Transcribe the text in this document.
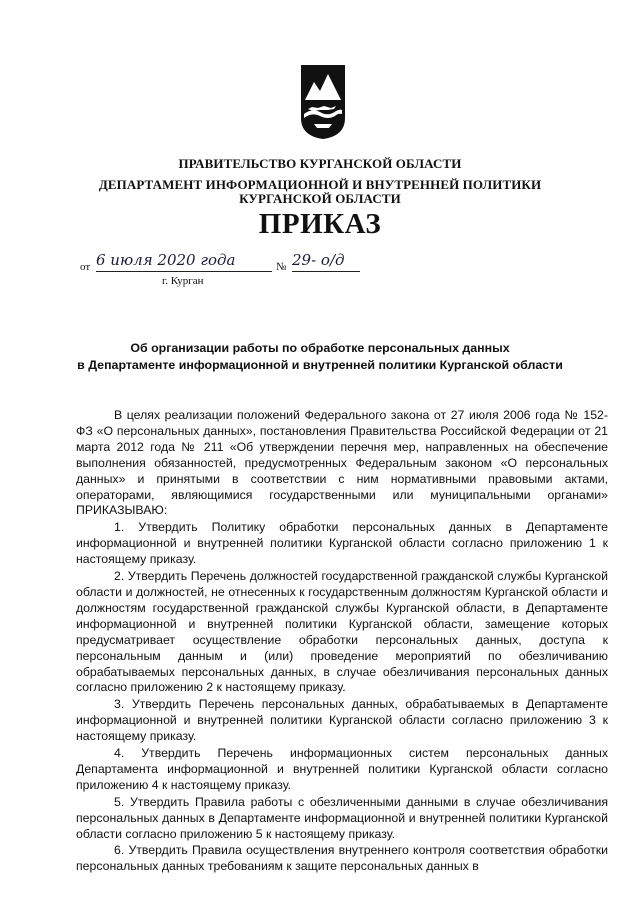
ПРАВИТЕЛЬСТВО КУРГАНСКОЙ ОБЛАСТИ
ДЕПАРТАМЕНТ ИНФОРМАЦИОННОЙ И ВНУТРЕННЕЙ ПОЛИТИКИ
КУРГАНСКОЙ ОБЛАСТИ
ПРИКАЗ
от 6 июля 2020 года	№ 29- о/д
г. Курган
Об организации работы по обработке персональных данных
в Департаменте информационной и внутренней политики Курганской области

В целях реализации положений Федерального закона от 27 июля 2006 года № 152-ФЗ «О персональных данных», постановления Правительства Российской Федерации от 21 марта 2012 года № 211 «Об утверждении перечня мер, направленных на обеспечение выполнения обязанностей, предусмотренных Федеральным законом «О персональных данных» и принятыми в соответствии с ним нормативными правовыми актами, операторами, являющимися государственными или муниципальными органами» ПРИКАЗЫВАЮ:

1. Утвердить Политику обработки персональных данных в Департаменте информационной и внутренней политики Курганской области согласно приложению 1 к настоящему приказу.

2. Утвердить Перечень должностей государственной гражданской службы Курганской области и должностей, не отнесенных к государственным должностям Курганской области и должностям государственной гражданской службы Курганской области, в Департаменте информационной и внутренней политики Курганской области, замещение которых предусматривает осуществление обработки персональных данных, доступа к персональным данным и (или) проведение мероприятий по обезличиванию обрабатываемых персональных данных, в случае обезличивания персональных данных согласно приложению 2 к настоящему приказу.

3. Утвердить Перечень персональных данных, обрабатываемых в Департаменте информационной и внутренней политики Курганской области согласно приложению 3 к настоящему приказу.

4. Утвердить Перечень информационных систем персональных данных Департамента информационной и внутренней политики Курганской области согласно приложению 4 к настоящему приказу.

5. Утвердить Правила работы с обезличенными данными в случае обезличивания персональных данных в Департаменте информационной и внутренней политики Курганской области согласно приложению 5 к настоящему приказу.

6. Утвердить Правила осуществления внутреннего контроля соответствия обработки персональных данных требованиям к защите персональных данных в
